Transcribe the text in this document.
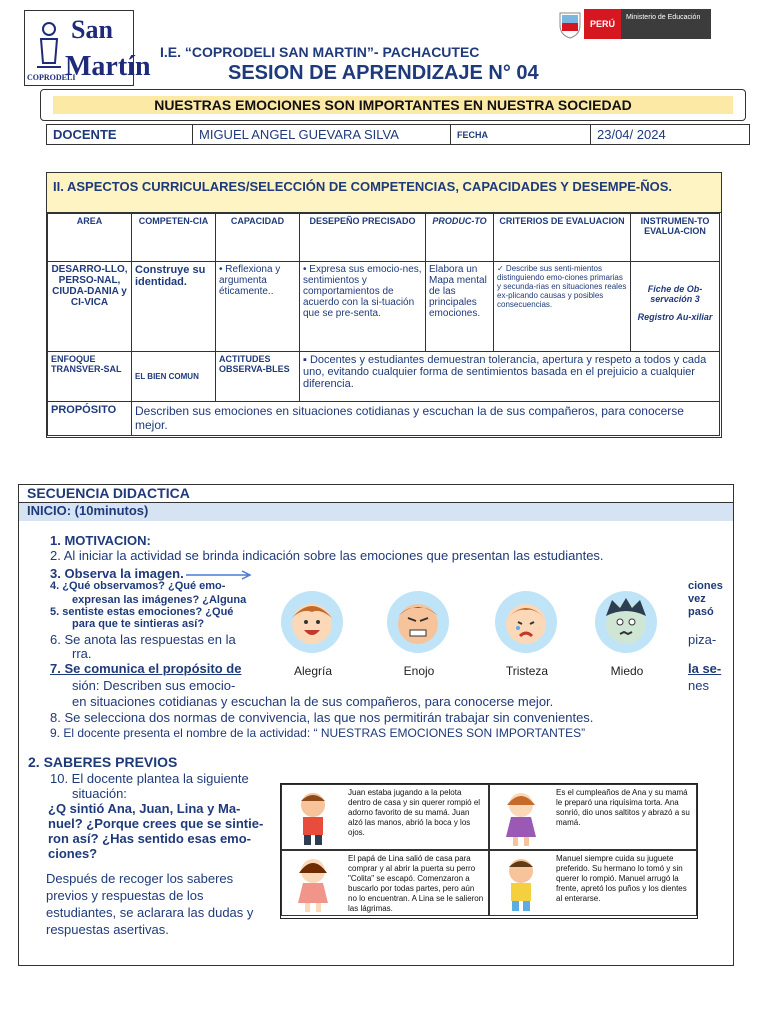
San
Martín
COPRODELI
PERÚ
Ministerio de Educación
I.E. “COPRODELI SAN MARTIN”- PACHACUTEC
SESION DE APRENDIZAJE N° 04
NUESTRAS EMOCIONES SON IMPORTANTES EN NUESTRA SOCIEDAD
DOCENTE	MIGUEL ANGEL GUEVARA SILVA	FECHA	23/04/ 2024
II. ASPECTOS CURRICULARES/SELECCIÓN DE COMPETENCIAS, CAPACIDADES Y DESEMPE-ÑOS.
AREA	COMPETEN-CIA	CAPACIDAD	DESEPEÑO PRECISADO	PRODUC-TO	CRITERIOS DE EVALUACION	INSTRUMEN-TO EVALUA-CION
DESARRO-LLO, PERSO-NAL, CIUDA-DANIA y CI-VICA	Construye su identidad.	• Reflexiona y argumenta éticamente..	• Expresa sus emocio-nes, sentimientos y comportamientos de acuerdo con la si-tuación que se pre-senta.	Elabora un Mapa mental de las principales emociones.	✓ Describe sus senti-mientos distinguiendo emo-ciones primarias y secunda-rias en situaciones reales ex-plicando causas y posibles consecuencias.	Fiche de Ob-servación 3
Registro Au-xiliar

ENFOQUE TRANSVER-SAL	EL BIEN COMUN	ACTITUDES OBSERVA-BLES	▪ Docentes y estudiantes demuestran tolerancia, apertura y respeto a todos y cada uno, evitando cualquier forma de sentimientos basada en el prejuicio a cualquier diferencia.			
PROPÓSITO	Describen sus emociones en situaciones cotidianas y escuchan la de sus compañeros, para conocerse mejor.					
SECUENCIA DIDACTICA
INICIO: (10minutos)
1. MOTIVACION:
2. Al iniciar la actividad se brinda indicación sobre las emociones que presentan las estudiantes.
3. Observa la imagen.
4. ¿Qué observamos? ¿Qué emo-
expresan las imágenes? ¿Alguna
5. sentiste estas emociones? ¿Qué
para que te sintieras así?
6. Se anota las respuestas en la
rra.
7. Se comunica el propósito de
sión: Describen sus emocio-
en situaciones cotidianas y escuchan la de sus compañeros, para conocerse mejor.
8. Se selecciona dos normas de convivencia, las que nos permitirán trabajar sin convenientes.
9. El docente presenta el nombre de la actividad: “ NUESTRAS EMOCIONES SON IMPORTANTES”
ciones
vez
pasó
piza-
la se-
nes
Alegría	Enojo	Tristeza	Miedo
2. SABERES PREVIOS
10. El docente plantea la siguiente
situación:
¿Q sintió Ana, Juan, Lina y Ma-nuel? ¿Porque crees que se sintie-ron así? ¿Has sentido esas emo-ciones?
Después de recoger los saberes previos y respuestas de los estudiantes, se aclarara las dudas y respuestas asertivas.
Juan estaba jugando a la pelota dentro de casa y sin querer rompió el adorno favorito de su mamá. Juan alzó las manos, abrió la boca y los ojos.
Es el cumpleaños de Ana y su mamá le preparó una riquísima torta. Ana sonrió, dio unos saltitos y abrazó a su mamá.
El papá de Lina salió de casa para comprar y al abrir la puerta su perro "Colita" se escapó. Comenzaron a buscarlo por todas partes, pero aún no lo encuentran. A Lina se le salieron las lágrimas.
Manuel siempre cuida su juguete preferido. Su hermano lo tomó y sin querer lo rompió. Manuel arrugó la frente, apretó los puños y los dientes al enterarse.
